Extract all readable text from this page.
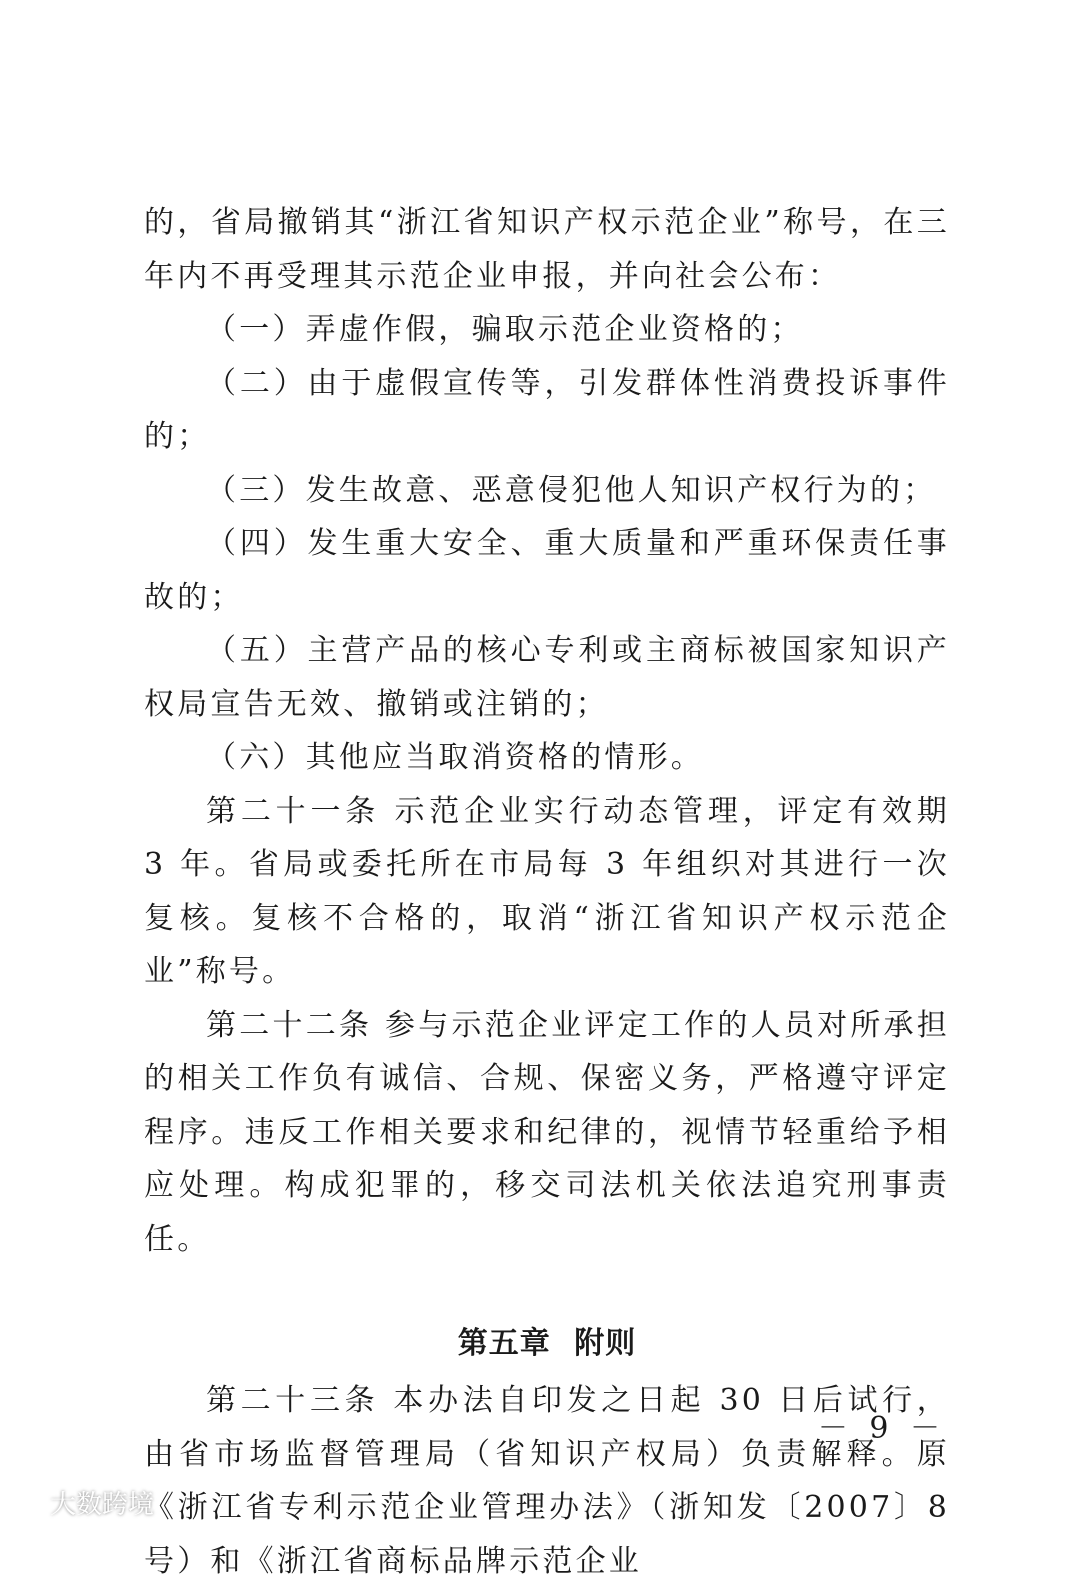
的，省局撤销其“浙江省知识产权示范企业”称号，在三年内不再受理其示范企业申报，并向社会公布：

（一）弄虚作假，骗取示范企业资格的；

（二）由于虚假宣传等，引发群体性消费投诉事件的；

（三）发生故意、恶意侵犯他人知识产权行为的；

（四）发生重大安全、重大质量和严重环保责任事故的；

（五）主营产品的核心专利或主商标被国家知识产权局宣告无效、撤销或注销的；

（六）其他应当取消资格的情形。

第二十一条 示范企业实行动态管理，评定有效期 3 年。省局或委托所在市局每 3 年组织对其进行一次复核。复核不合格的，取消“浙江省知识产权示范企业”称号。

第二十二条 参与示范企业评定工作的人员对所承担的相关工作负有诚信、合规、保密义务，严格遵守评定程序。违反工作相关要求和纪律的，视情节轻重给予相应处理。构成犯罪的，移交司法机关依法追究刑事责任。

第五章 附则

第二十三条 本办法自印发之日起 30 日后试行，由省市场监督管理局（省知识产权局）负责解释。原《浙江省专利示范企业管理办法》（浙知发〔2007〕8 号）和《浙江省商标品牌示范企业

－ 9 －
大数跨境
